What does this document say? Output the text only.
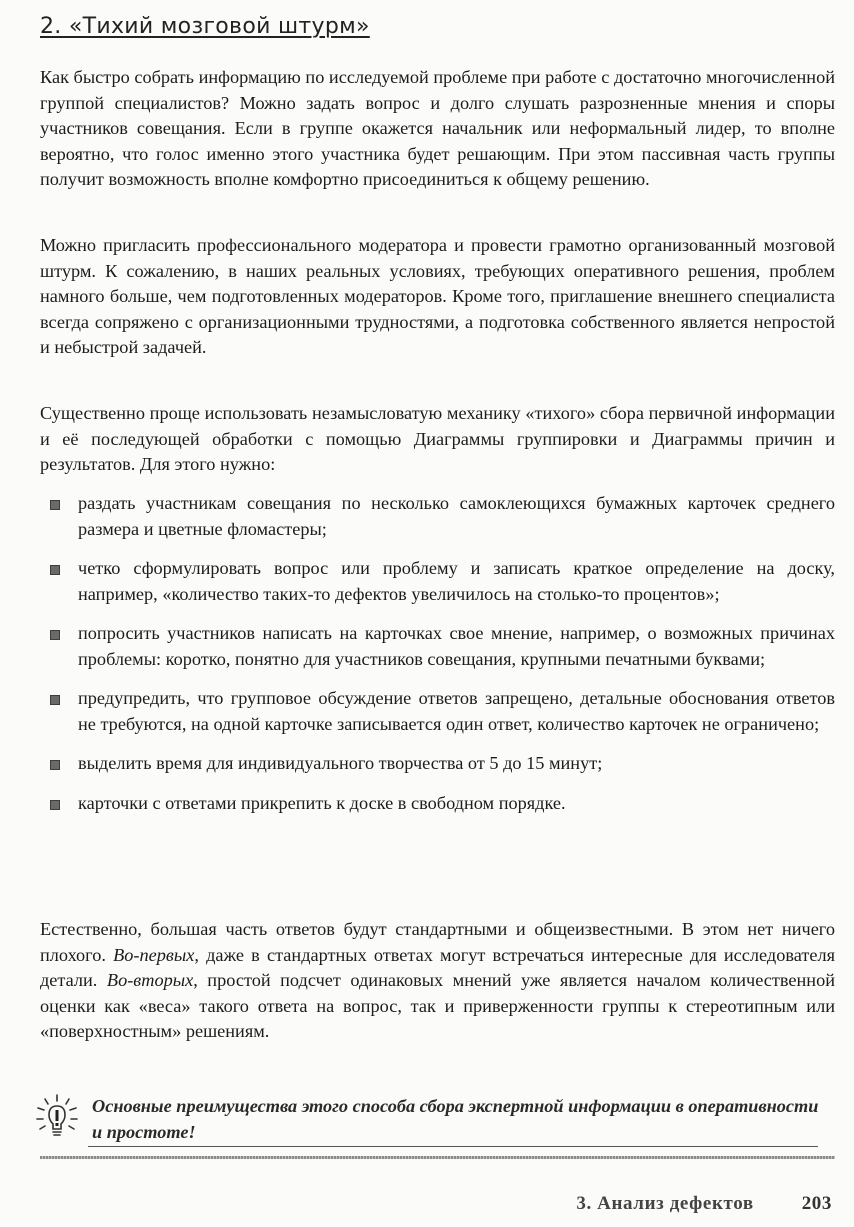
2. «Тихий мозговой штурм»

Как быстро собрать информацию по исследуемой проблеме при работе с достаточно многочисленной группой специалистов? Можно задать вопрос и долго слушать разрозненные мнения и споры участников совещания. Если в группе окажется начальник или неформальный лидер, то вполне вероятно, что голос именно этого участника будет решающим. При этом пассивная часть группы получит возможность вполне комфортно присоединиться к общему решению.

Можно пригласить профессионального модератора и провести грамотно организованный мозговой штурм. К сожалению, в наших реальных условиях, требующих оперативного решения, проблем намного больше, чем подготовленных модераторов. Кроме того, приглашение внешнего специалиста всегда сопряжено с организационными трудностями, а подготовка собственного является непростой и небыстрой задачей.

Существенно проще использовать незамысловатую механику «тихого» сбора первичной информации и её последующей обработки с помощью Диаграммы группировки и Диаграммы причин и результатов. Для этого нужно:

раздать участникам совещания по несколько самоклеющихся бумажных карточек среднего размера и цветные фломастеры;
четко сформулировать вопрос или проблему и записать краткое определение на доску, например, «количество таких-то дефектов увеличилось на столько-то процентов»;
попросить участников написать на карточках свое мнение, например, о возможных причинах проблемы: коротко, понятно для участников совещания, крупными печатными буквами;
предупредить, что групповое обсуждение ответов запрещено, детальные обоснования ответов не требуются, на одной карточке записывается один ответ, количество карточек не ограничено;
выделить время для индивидуального творчества от 5 до 15 минут;
карточки с ответами прикрепить к доске в свободном порядке.

Естественно, большая часть ответов будут стандартными и общеизвестными. В этом нет ничего плохого. Во-первых, даже в стандартных ответах могут встречаться интересные для исследователя детали. Во-вторых, простой подсчет одинаковых мнений уже является началом количественной оценки как «веса» такого ответа на вопрос, так и приверженности группы к стереотипным или «поверхностным» решениям.

Основные преимущества этого способа сбора экспертной информации в оперативности и простоте!
3. Анализ дефектов	203
